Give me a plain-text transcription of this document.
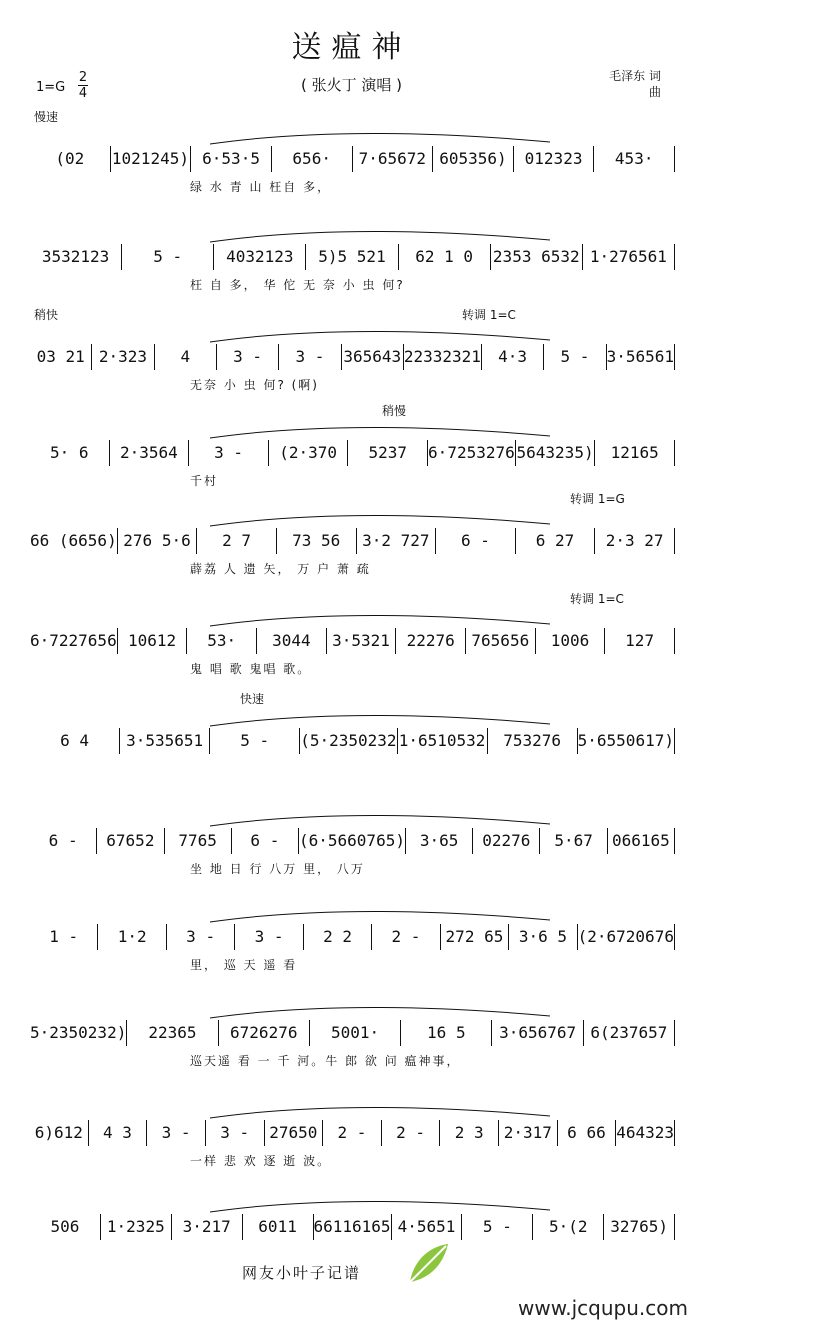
送瘟神
( 张火丁 演唱 )
1=G
2
4
毛泽东 词
曲
慢速
(02	1021245) 6·53·5	656·	7·65672 605356)	012323	453·
绿 水 青 山 枉自 多，
3532123	5 -	4032123	5)5 521	62 1 0	2353 6532 1·276561
枉 自 多， 华 佗 无 奈 小 虫 何?
稍快	转调 1=C
03 21 2·323	4	3 -	3 -	365643 22332321	4·3	5 -	3·56561
无奈 小 虫 何? (啊)
稍慢
5· 6	2·3564	3 -	(2·370	5237	6·7253276 5643235)	12165
千村
转调 1=G
66 (6656) 276 5·6	2 7	73 56	3·2 727	6 -	6 27	2·3 27
薜荔 人 遗 矢， 万 户 萧 疏
转调 1=C
6·7227656 10612	53·	3044	3·5321	22276	765656	1006	127
鬼 唱 歌 鬼唱 歌。
快速
6 4	3·535651	5 -	(5·2350232 1·6510532	753276	5·6550617)
6 -	67652	7765	6 -	(6·5660765) 3·65	02276	5·67	066165
坐 地 日 行 八万 里， 八万
1 -	1·2	3 -	3 -	2 2	2 -	272 65 3·6 5 (2·6720676
里， 巡 天 遥 看
5·2350232)	22365	6726276	5001·	16 5	3·656767 6(237657
巡天遥 看 一 千 河。牛 郎 欲 问 瘟神事，
6)612	4 3	3 -	3 -	27650	2 -	2 -	2 3	2·317 6 66 464323
一样 悲 欢 逐 逝 波。
506	1·2325	3·217	6011	66116165 4·5651	5 -	5·(2	32765)
网友小叶子记谱
www.jcqupu.com
